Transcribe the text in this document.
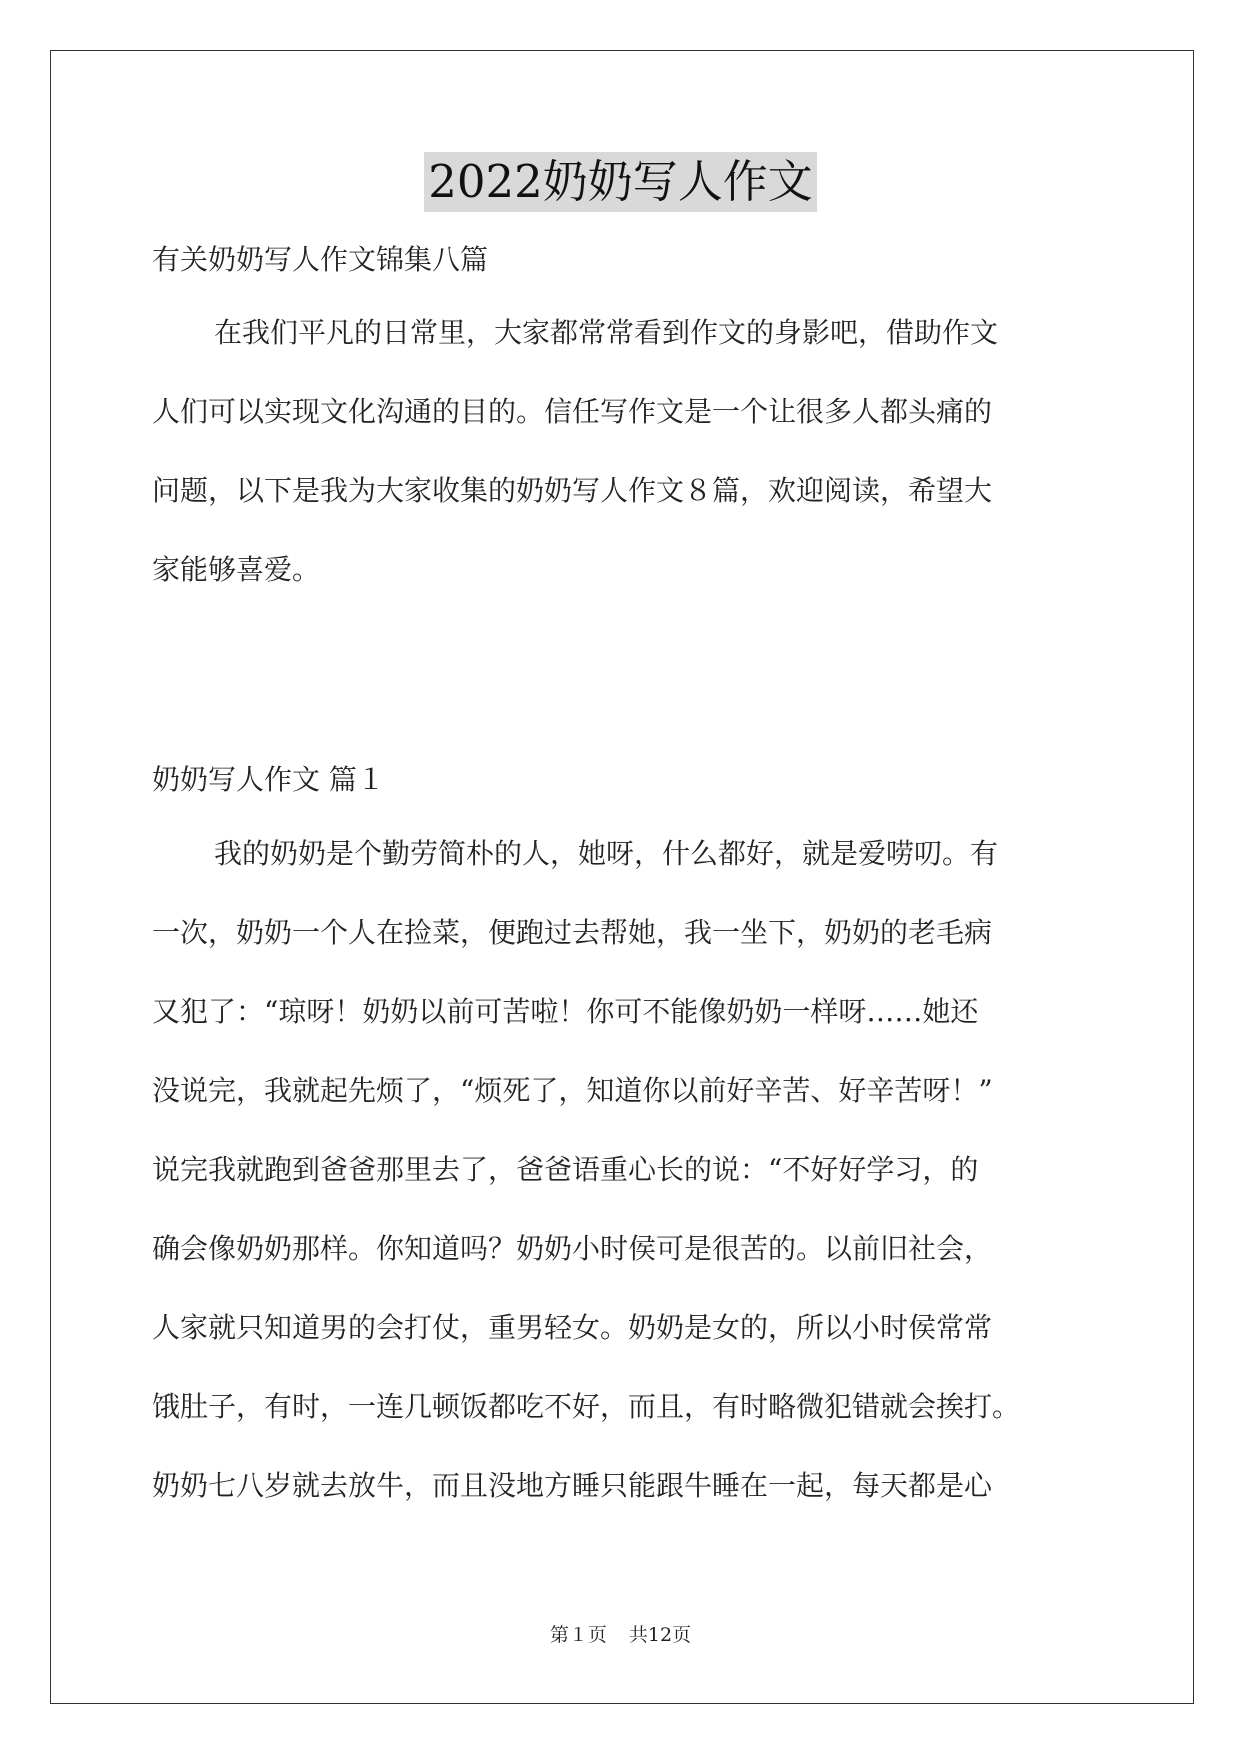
2022奶奶写人作文
有关奶奶写人作文锦集八篇
在我们平凡的日常里，大家都常常看到作文的身影吧，借助作文
人们可以实现文化沟通的目的。信任写作文是一个让很多人都头痛的
问题，以下是我为大家收集的奶奶写人作文８篇，欢迎阅读，希望大
家能够喜爱。
奶奶写人作文 篇１
我的奶奶是个勤劳简朴的人，她呀，什么都好，就是爱唠叨。有
一次，奶奶一个人在捡菜，便跑过去帮她，我一坐下，奶奶的老毛病
又犯了：“琼呀！奶奶以前可苦啦！你可不能像奶奶一样呀……她还
没说完，我就起先烦了，“烦死了，知道你以前好辛苦、好辛苦呀！”
说完我就跑到爸爸那里去了，爸爸语重心长的说：“不好好学习，的
确会像奶奶那样。你知道吗？奶奶小时侯可是很苦的。以前旧社会，
人家就只知道男的会打仗，重男轻女。奶奶是女的，所以小时侯常常
饿肚子，有时，一连几顿饭都吃不好，而且，有时略微犯错就会挨打。
奶奶七八岁就去放牛，而且没地方睡只能跟牛睡在一起，每天都是心
第１页 共12页
